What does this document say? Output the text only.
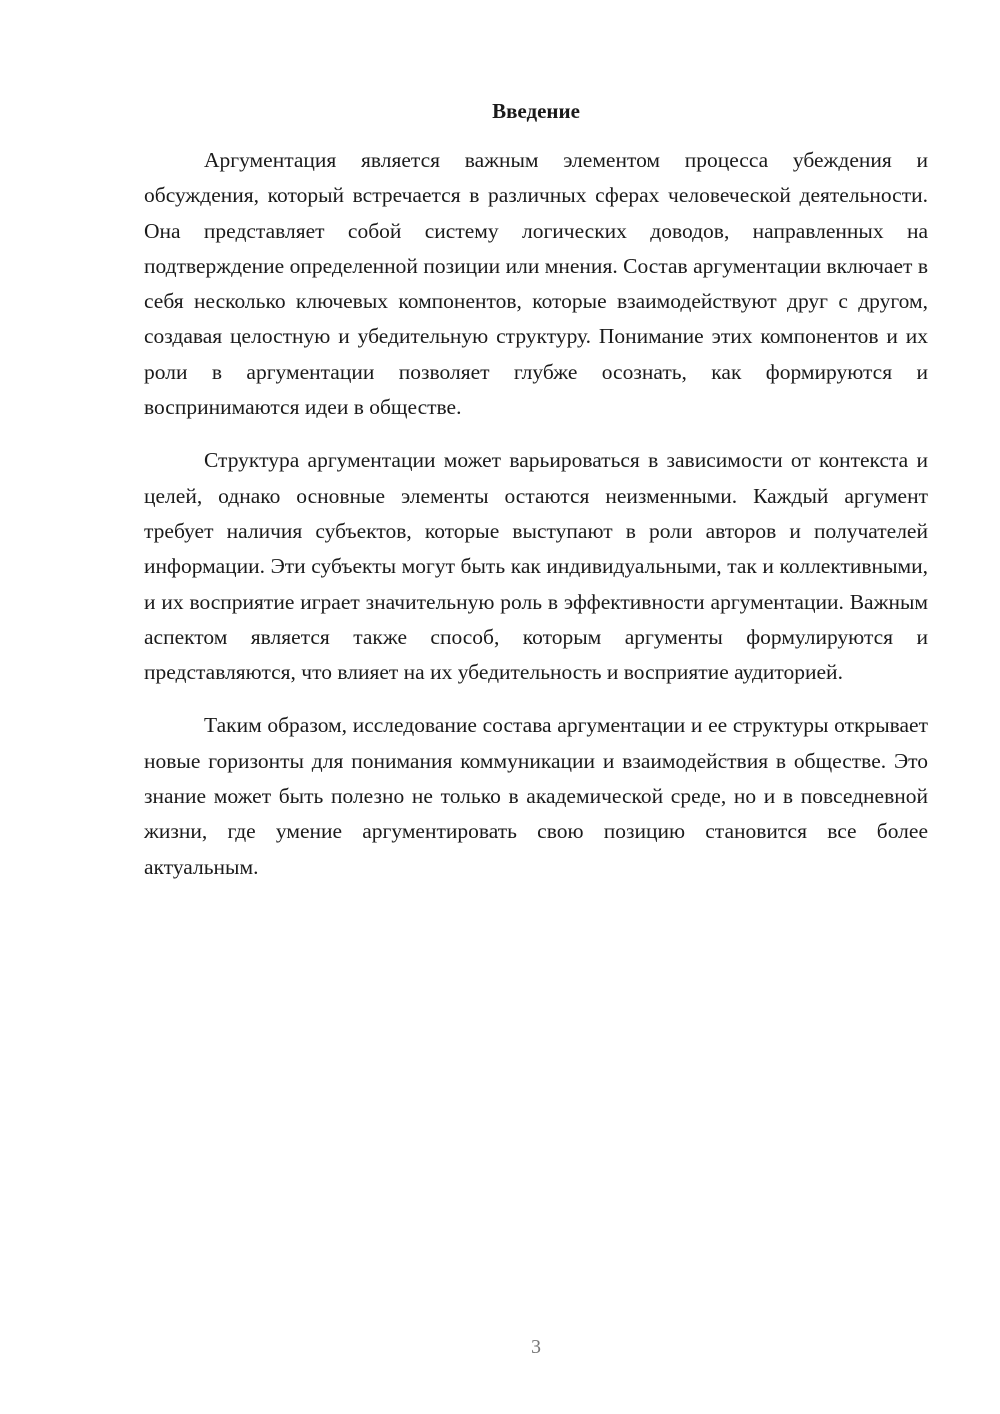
Введение

Аргументация является важным элементом процесса убеждения и обсуждения, который встречается в различных сферах человеческой деятельности. Она представляет собой систему логических доводов, направленных на подтверждение определенной позиции или мнения. Состав аргументации включает в себя несколько ключевых компонентов, которые взаимодействуют друг с другом, создавая целостную и убедительную структуру. Понимание этих компонентов и их роли в аргументации позволяет глубже осознать, как формируются и воспринимаются идеи в обществе.

Структура аргументации может варьироваться в зависимости от контекста и целей, однако основные элементы остаются неизменными. Каждый аргумент требует наличия субъектов, которые выступают в роли авторов и получателей информации. Эти субъекты могут быть как индивидуальными, так и коллективными, и их восприятие играет значительную роль в эффективности аргументации. Важным аспектом является также способ, которым аргументы формулируются и представляются, что влияет на их убедительность и восприятие аудиторией.

Таким образом, исследование состава аргументации и ее структуры открывает новые горизонты для понимания коммуникации и взаимодействия в обществе. Это знание может быть полезно не только в академической среде, но и в повседневной жизни, где умение аргументировать свою позицию становится все более актуальным.

3
